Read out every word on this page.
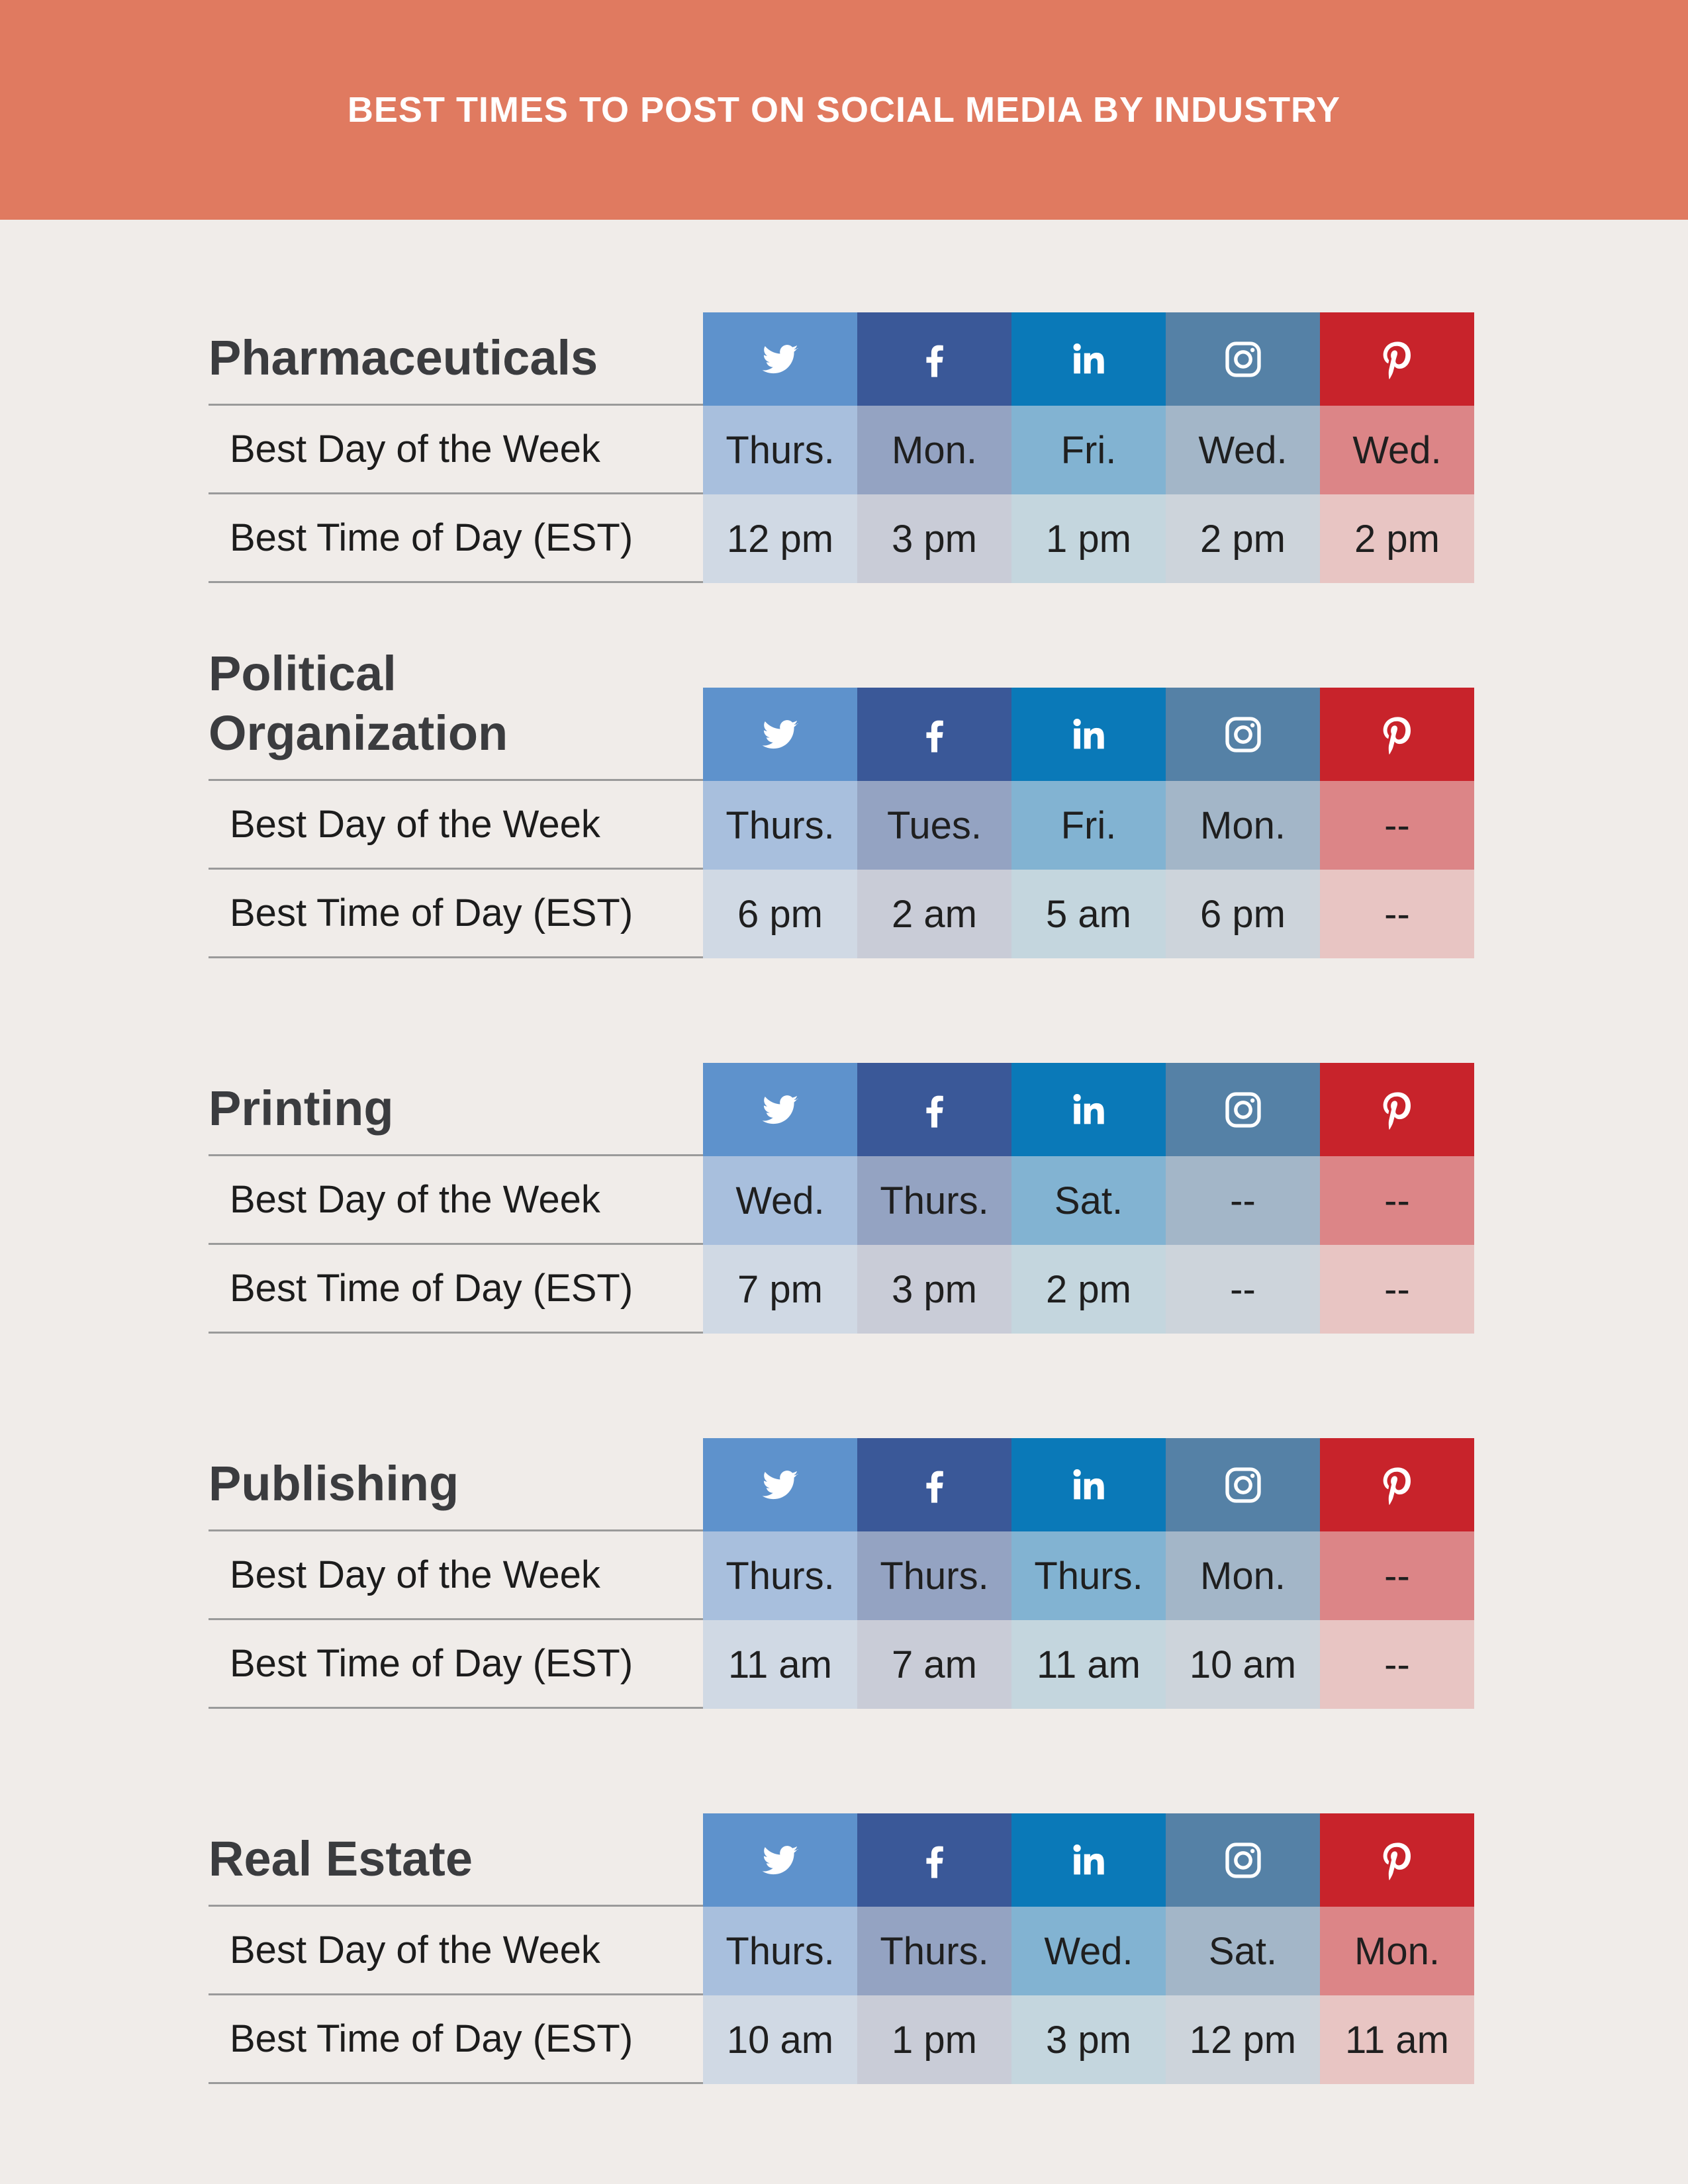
BEST TIMES TO POST ON SOCIAL MEDIA BY INDUSTRY
Pharmaceuticals
Best Day of the Week	Thurs.	Mon.	Fri.	Wed.	Wed.
Best Time of Day (EST)	12 pm	3 pm	1 pm	2 pm	2 pm
Political
Organization
Best Day of the Week	Thurs.	Tues.	Fri.	Mon.	--
Best Time of Day (EST)	6 pm	2 am	5 am	6 pm	--
Printing
Best Day of the Week	Wed.	Thurs.	Sat.	--	--
Best Time of Day (EST)	7 pm	3 pm	2 pm	--	--
Publishing
Best Day of the Week	Thurs.	Thurs.	Thurs.	Mon.	--
Best Time of Day (EST)	11 am	7 am	11 am	10 am	--
Real Estate
Best Day of the Week	Thurs.	Thurs.	Wed.	Sat.	Mon.
Best Time of Day (EST)	10 am	1 pm	3 pm	12 pm	11 am
